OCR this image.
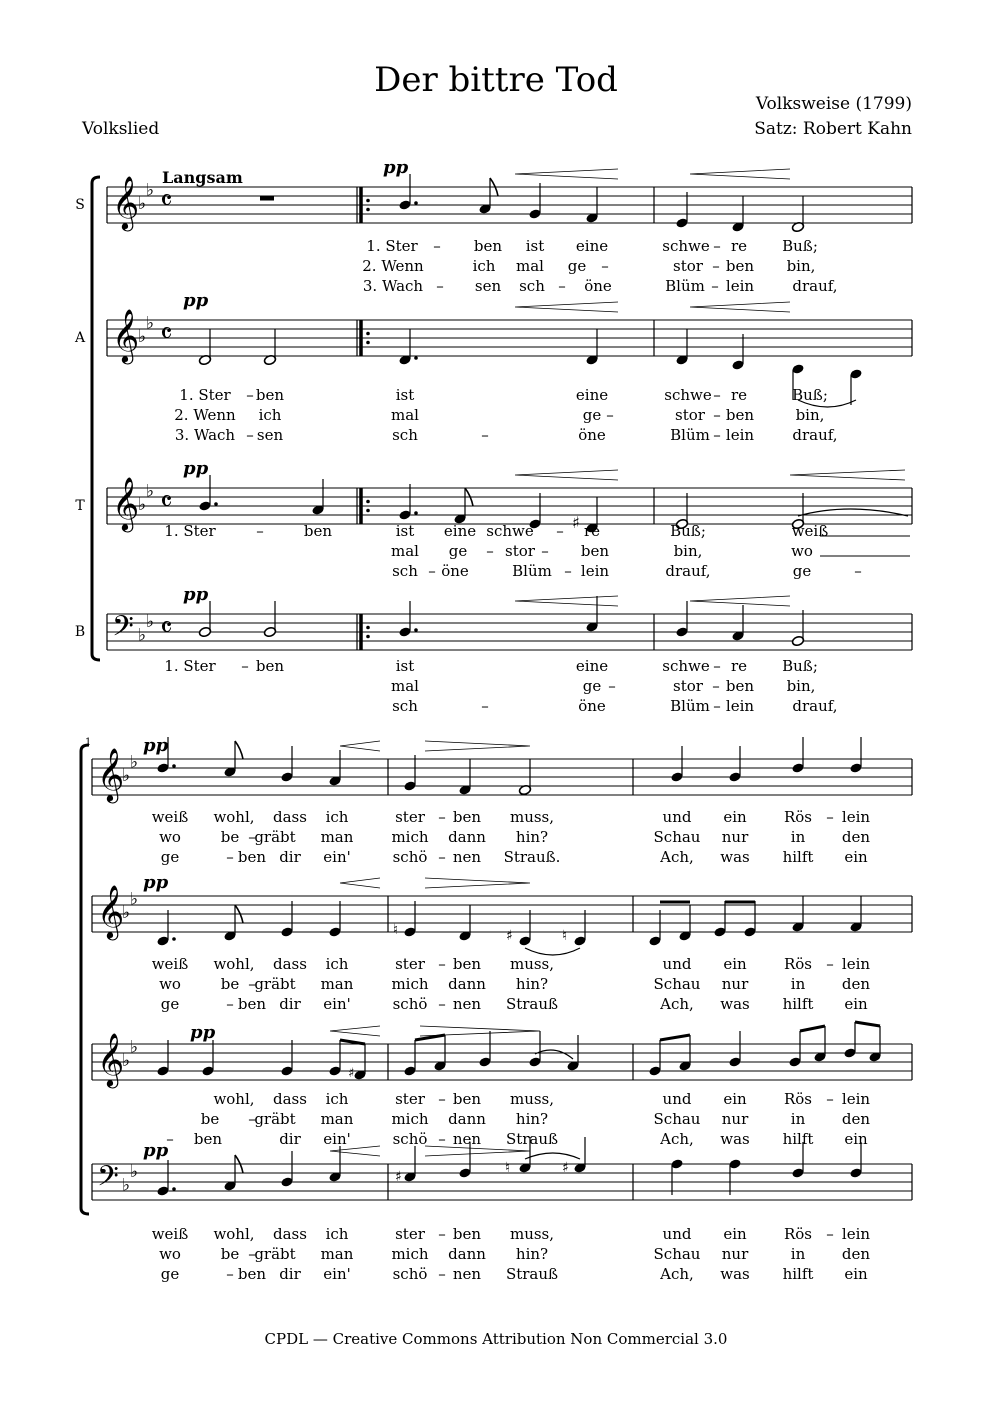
Der bittre Tod
Volksweise (1799)
Satz: Robert Kahn
Volkslied
S 𝄞
♭
♭ 𝄴
A 𝄞
♭
♭ 𝄴
T 𝄞
♭
♭ 𝄴
B 𝄢 ♭
♭ 𝄴
Langsam	pp
1. Ster – ben ist eine	schwe – re Buß;
2. Wenn	ich mal ge –	stor – ben bin,
3. Wach – sen sch – öne	Blüm – lein	drauf,
pp
1. Ster – ben	ist	eine	schwe – re	Buß;
2. Wenn ich	mal	ge –	stor – ben	bin,
3. Wach – sen	sch	–	öne	Blüm – lein	drauf,
pp
♯
1. Ster	–	ben	ist eine schwe – re	Buß;	weiß
mal ge – stor – ben	bin,	wo
sch – öne	Blüm – lein	drauf,	ge	–
pp
1. Ster – ben	ist	eine	schwe – re Buß;
mal	ge –	stor – ben bin,
sch	–	öne	Blüm – lein	drauf,
1
𝄞
♭
♭
𝄞
♭
♭
𝄞
♭
♭
𝄢 ♭
♭
pp
weiß wohl, dass ich	ster – ben muss,	und ein Rös – lein
wo	be –
gräbt man	mich dann hin?	Schau nur	in den
ge	– ben dir ein'	schö – nen Strauß.	Ach, was hilft ein
pp
♮	♯	♮
weiß wohl, dass ich	ster – ben muss,	und ein Rös – lein
wo	be –
gräbt man	mich dann hin?	Schau nur	in den
ge	– ben dir ein'	schö – nen Strauß	Ach, was hilft ein
pp
♯
wohl, dass ich	ster – ben muss,	und ein Rös – lein
be –
gräbt man	mich dann hin?	Schau nur	in den
– ben	dir ein'	schö – nen Strauß	Ach, was hilft ein
pp
♯
♮	♯
weiß wohl, dass ich	ster – ben muss,	und ein Rös – lein
wo	be –
gräbt man	mich dann hin?	Schau nur	in den
ge	– ben dir ein'	schö – nen Strauß	Ach, was hilft ein
CPDL — Creative Commons Attribution Non Commercial 3.0
